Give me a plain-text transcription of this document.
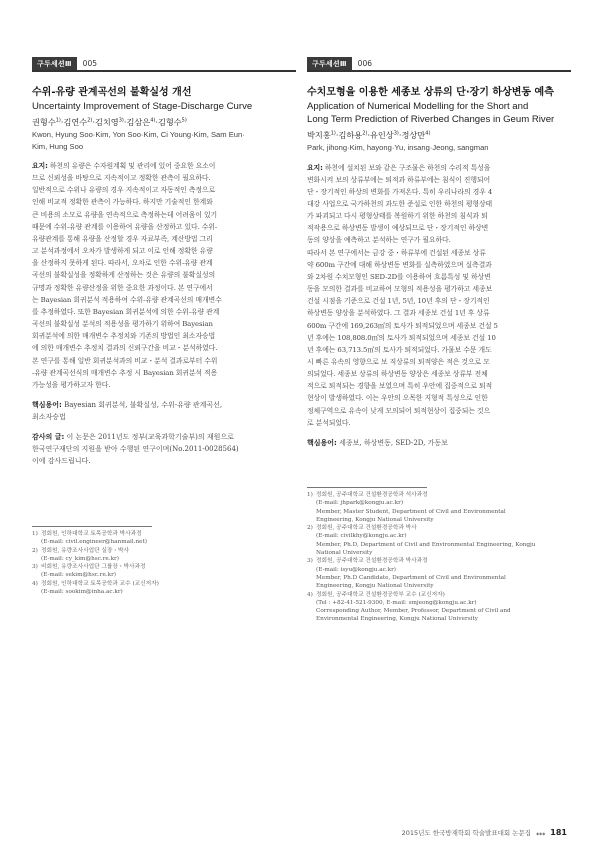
구두세션Ⅲ	005
수위-유량 관계곡선의 불확실성 개선
Uncertainty Improvement of Stage-Discharge Curve
권형수$^{1)}$·김연수$^{2)}$·김치영$^{3)}$·김삼은$^{4)}$·김형수$^{5)}$
Kwon, Hyung Soo·Kim, Yon Soo·Kim, Ci Young·Kim, Sam Eun·
Kim, Hung Soo
요지: 하천의 유량은 수자원계획 및 관리에 있어 중요한 요소이
므로 신뢰성을 바탕으로 지속적이고 정확한 관측이 필요하다.
일반적으로 수위나 유량의 경우 지속적이고 자동적인 측정으로
인해 비교적 정확한 관측이 가능하다. 하지만 기술적인 한계와
큰 비용의 소모로 유량을 연속적으로 측정하는데 어려움이 있기
때문에 수위-유량 관계를 이용하여 유량을 산정하고 있다. 수위-
유량관계를 통해 유량을 산정할 경우 자료부족, 계산방법 그리
고 분석과정에서 오차가 발생하게 되고 이로 인해 정확한 유량
을 산정하지 못하게 된다. 따라서, 오차로 인한 수위-유량 관계
곡선의 불확실성을 정확하게 산정하는 것은 유량의 불확실성의
규명과 정확한 유량산정을 위한 중요한 과정이다. 본 연구에서
는 Bayesian 회귀분석 적용하여 수위-유량 관계곡선의 매개변수
를 추정하였다. 또한 Bayesian 회귀분석에 의한 수위-유량 관계
곡선의 불확실성 분석의 적용성을 평가하기 위하여 Bayesian
회귀분석에 의한 매개변수 추정치와 기존의 방법인 최소자승법
에 의한 매개변수 추정치 결과의 신뢰구간을 비교・분석하였다.
본 연구를 통해 일반 회귀분석과의 비교・분석 결과로부터 수위
-유량 관계곡선식의 매개변수 추정 시 Bayesian 회귀분석 적용
가능성을 평가하고자 한다.
핵심용어: Bayesian 회귀분석, 불확실성, 수위-유량 관계곡선,
최소자승법
감사의 글: 이 논문은 2011년도 정부(교육과학기술부)의 재원으로
한국연구재단의 지원을 받아 수행된 연구이며(No.2011-0028564)
이에 감사드립니다.
1) 정회원, 인하대학교 토목공학과 박사과정
(E-mail: civil.engineer@hanmail.net)
2) 정회원, 유량조사사업단 실장・박사
(E-mail: cy_kim@hsc.re.kr)
3) 비회원, 유량조사사업단 그룹장・박사과정
(E-mail: sekim@hsc.re.kr)
4) 정회원, 인하대학교 토목공학과 교수 (교신저자)
(E-mail: sookim@inha.ac.kr)
구두세션Ⅲ	006
수치모형을 이용한 세종보 상류의 단·장기 하상변동 예측
Application of Numerical Modelling for the Short and
Long Term Prediction of Riverbed Changes in Geum River
박지홍$^{1)}$·김하용$^{2)}$·유인상$^{3)}$·정상만$^{4)}$
Park, jihong·Kim, hayong·Yu, insang·Jeong, sangman
요지: 하천에 설치된 보와 같은 구조물은 하천의 수리적 특성을
변화시켜 보의 상류부에는 퇴적과 하류부에는 침식이 진행되어
단・장기적인 하상의 변화를 가져온다. 특히 우리나라의 경우 4
대강 사업으로 국가하천의 과도한 준설로 인한 하천의 평형상태
가 파괴되고 다시 평형상태를 복원하기 위한 하천의 침식과 퇴
적작용으로 하상변동 발생이 예상되므로 단・장기적인 하상변
동의 양상을 예측하고 분석하는 연구가 필요하다.
따라서 본 연구에서는 금강 중・하류부에 건설된 세종보 상류
약 600m 구간에 대해 하상변동 변화를 실측하였으며 실측결과
와 2차원 수치모형인 SED-2D를 이용하여 흐름특성 및 하상변
동을 모의한 결과를 비교하여 모형의 적용성을 평가하고 세종보
건설 시점을 기준으로 건설 1년, 5년, 10년 후의 단・장기적인
하상변동 양상을 분석하였다. 그 결과 세종보 건설 1년 후 상류
600m 구간에 169,263㎥의 토사가 퇴적되었으며 세종보 건설 5
년 후에는 108,808.0㎥의 토사가 퇴적되었으며 세종보 건설 10
년 후에는 63,713.5㎥의 토사가 퇴적되었다. 가물보 수문 개도
시 빠른 유속의 영향으로 보 직상류의 퇴적양은 적은 것으로 모
의되었다. 세종보 상류의 하상변동 양상은 세종보 상류부 전체
적으로 퇴적되는 경향을 보였으며 특히 우안에 집중적으로 퇴적
현상이 발생하였다. 이는 우안의 오목한 지형적 특성으로 인한
정체구역으로 유속이 낮게 모의되어 퇴적현상이 집중되는 것으
로 분석되었다.
핵심용어: 세종보, 하상변동, SED-2D, 가동보
1) 정회원, 공주대학교 건설환경공학과 석사과정
(E-mail: jhpark@kongju.ac.kr)
Member, Master Student, Department of Civil and Environmental
Engineering, Kongju National University
2) 정회원, 공주대학교 건설환경공학과 박사
(E-mail: civilkhy@kongju.ac.kr)
Member, Ph.D, Department of Civil and Environmental Engineering, Kongju
National University
3) 정회원, 공주대학교 건설환경공학과 박사과정
(E-mail: isyu@kongju.ac.kr)
Member, Ph.D Candidate, Department of Civil and Environmental
Engineering, Kongju National University
4) 정회원, 공주대학교 건설환경공학부 교수 (교신저자)
(Tel : +82-41-521-9300, E-mail: smjeong@kongju.ac.kr)
Corresponding Author, Member, Professor, Department of Civil and
Environmental Engineering, Kongju National University
2015년도 한국방재학회 학술발표대회 논문집 ◈◈◈ 181
